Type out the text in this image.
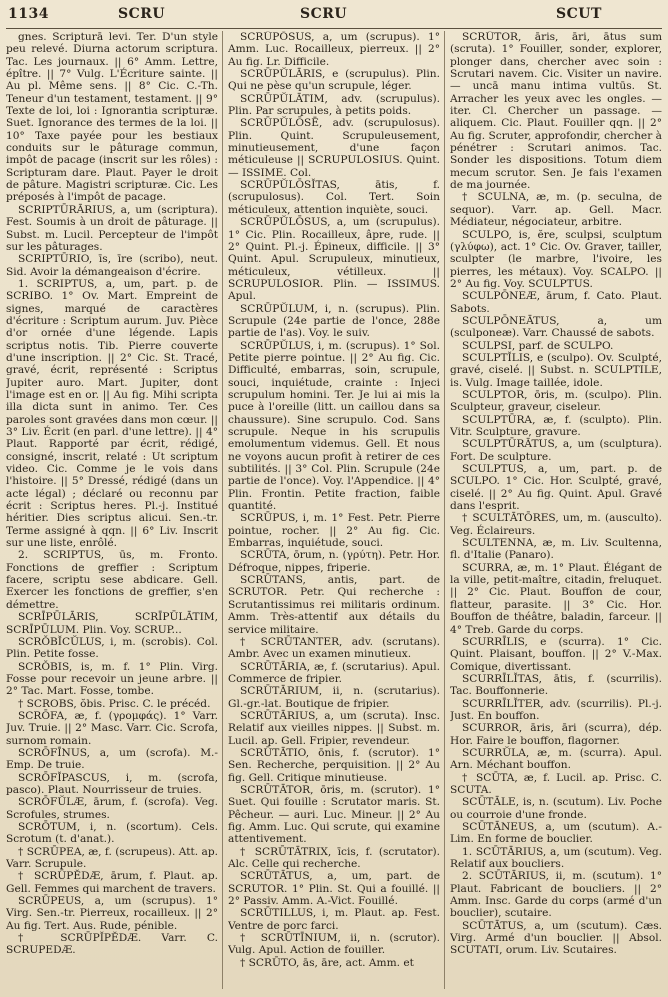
1134	SCRU	SCRU	SCUT

gnes. Scripturā levi. Ter. D'un style peu relevé. Diurna actorum scriptura. Tac. Les journaux. || 6° Amm. Lettre, épître. || 7° Vulg. L'Écriture sainte. || Au pl. Même sens. || 8° Cic. C.-Th. Teneur d'un testament, testament. || 9° Texte de loi, loi : Ignorantia scripturæ. Suet. Ignorance des termes de la loi. || 10° Taxe payée pour les bestiaux conduits sur le pâturage commun, impôt de pacage (inscrit sur les rôles) : Scripturam dare. Plaut. Payer le droit de pâture. Magistri scripturæ. Cic. Les préposés à l'impôt de pacage.

SCRIPTŪRĀRIUS, a, um (scriptura). Fest. Soumis à un droit de pâturage. || Subst. m. Lucil. Percepteur de l'impôt sur les pâturages.

SCRIPTŪRIO, īs, īre (scribo), neut. Sid. Avoir la démangeaison d'écrire.

1. SCRIPTUS, a, um, part. p. de SCRIBO. 1° Ov. Mart. Empreint de signes, marqué de caractères d'écriture : Scriptum aurum. Juv. Pièce d'or ornée d'une légende. Lapis scriptus notis. Tib. Pierre couverte d'une inscription. || 2° Cic. St. Tracé, gravé, écrit, représenté : Scriptus Jupiter auro. Mart. Jupiter, dont l'image est en or. || Au fig. Mihi scripta illa dicta sunt in animo. Ter. Ces paroles sont gravées dans mon cœur. || 3° Liv. Écrit (en parl. d'une lettre). || 4° Plaut. Rapporté par écrit, rédigé, consigné, inscrit, relaté : Ut scriptum video. Cic. Comme je le vois dans l'histoire. || 5° Dressé, rédigé (dans un acte légal) ; déclaré ou reconnu par écrit : Scriptus heres. Pl.-j. Institué héritier. Dies scriptus alicui. Sen.-tr. Terme assigné à qqn. || 6° Liv. Inscrit sur une liste, enrôlé.

2. SCRIPTUS, ūs, m. Fronto. Fonctions de greffier : Scriptum facere, scriptu sese abdicare. Gell. Exercer les fonctions de greffier, s'en démettre.

SCRĪPŪLĀRIS, SCRĪPŪLĀTIM, SCRĪPŪLUM. Plin. Voy. SCRUP...

SCRŎBĬCŬLUS, i, m. (scrobis). Col. Plin. Petite fosse.

SCRŎBIS, is, m. f. 1° Plin. Virg. Fosse pour recevoir un jeune arbre. || 2° Tac. Mart. Fosse, tombe.

† SCROBS, ŏbis. Prisc. C. le précéd.

SCRŌFA, æ, f. (γρομφάς). 1° Varr. Juv. Truie. || 2° Masc. Varr. Cic. Scrofa, surnom romain.

SCRŌFĪNUS, a, um (scrofa). M.-Emp. De truie.

SCRŌFĬPASCUS, i, m. (scrofa, pasco). Plaut. Nourrisseur de truies.

SCRŌFŬLÆ, ārum, f. (scrofa). Veg. Scrofules, strumes.

SCRŌTUM, i, n. (scortum). Cels. Scrotum (t. d'anat.).

† SCRŪPEA, æ, f. (scrupeus). Att. ap. Varr. Scrupule.

† SCRŪPĔDÆ, ārum, f. Plaut. ap. Gell. Femmes qui marchent de travers.

SCRŪPEUS, a, um (scrupus). 1° Virg. Sen.-tr. Pierreux, rocailleux. || 2° Au fig. Tert. Aus. Rude, pénible.

† SCRŪPĬPĔDÆ. Varr. C. SCRUPEDÆ.

SCRŪPŌSUS, a, um (scrupus). 1° Amm. Luc. Rocailleux, pierreux. || 2° Au fig. Lr. Difficile.

SCRŪPŬLĀRIS, e (scrupulus). Plin. Qui ne pèse qu'un scrupule, léger.

SCRŪPŬLĀTIM, adv. (scrupulus). Plin. Par scrupules, à petits poids.

SCRŪPŬLŌSĒ, adv. (scrupulosus). Plin. Quint. Scrupuleusement, minutieusement, d'une façon méticuleuse || SCRUPULOSIUS. Quint. — ISSIME. Col.

SCRŪPŬLŌSĬTAS, ātis, f. (scrupulosus). Col. Tert. Soin méticuleux, attention inquiète, souci.

SCRŪPŬLŌSUS, a, um (scrupulus). 1° Cic. Plin. Rocailleux, âpre, rude. || 2° Quint. Pl.-j. Épineux, difficile. || 3° Quint. Apul. Scrupuleux, minutieux, méticuleux, vétilleux. || SCRUPULOSIOR. Plin. — ISSIMUS. Apul.

SCRŪPŬLUM, i, n. (scrupus). Plin. Scrupule (24e partie de l'once, 288e partie de l'as). Voy. le suiv.

SCRŪPŬLUS, i, m. (scrupus). 1° Sol. Petite pierre pointue. || 2° Au fig. Cic. Difficulté, embarras, soin, scrupule, souci, inquiétude, crainte : Injeci scrupulum homini. Ter. Je lui ai mis la puce à l'oreille (litt. un caillou dans sa chaussure). Sine scrupulo. Cod. Sans scrupule. Neque in his scrupulis emolumentum videmus. Gell. Et nous ne voyons aucun profit à retirer de ces subtilités. || 3° Col. Plin. Scrupule (24e partie de l'once). Voy. l'Appendice. || 4° Plin. Frontin. Petite fraction, faible quantité.

SCRŪPUS, i, m. 1° Fest. Petr. Pierre pointue, rocher. || 2° Au fig. Cic. Embarras, inquiétude, souci.

SCRŪTA, ōrum, n. (γρύτη). Petr. Hor. Défroque, nippes, friperie.

SCRŪTANS, antis, part. de SCRUTOR. Petr. Qui recherche : Scrutantissimus rei militaris ordinum. Amm. Très-attentif aux détails du service militaire.

† SCRŪTANTER, adv. (scrutans). Ambr. Avec un examen minutieux.

SCRŪTĀRIA, æ, f. (scrutarius). Apul. Commerce de fripier.

SCRŪTĀRIUM, ii, n. (scrutarius). Gl.-gr.-lat. Boutique de fripier.

SCRŪTĀRIUS, a, um (scruta). Insc. Relatif aux vieilles nippes. || Subst. m. Lucil. ap. Gell. Fripier, revendeur.

SCRŪTĀTIO, ōnis, f. (scrutor). 1° Sen. Recherche, perquisition. || 2° Au fig. Gell. Critique minutieuse.

SCRŪTĀTOR, ōris, m. (scrutor). 1° Suet. Qui fouille : Scrutator maris. St. Pêcheur. — auri. Luc. Mineur. || 2° Au fig. Amm. Luc. Qui scrute, qui examine attentivement.

† SCRŪTĀTRIX, īcis, f. (scrutator). Alc. Celle qui recherche.

SCRŪTĀTUS, a, um, part. de SCRUTOR. 1° Plin. St. Qui a fouillé. || 2° Passiv. Amm. A.-Vict. Fouillé.

SCRŪTILLUS, i, m. Plaut. ap. Fest. Ventre de porc farci.

† SCRŪTĪNIUM, ii, n. (scrutor). Vulg. Apul. Action de fouiller.

† SCRŪTO, ās, āre, act. Amm. et

SCRŪTOR, āris, āri, ātus sum (scruta). 1° Fouiller, sonder, explorer, plonger dans, chercher avec soin : Scrutari navem. Cic. Visiter un navire. — uncā manu intima vultūs. St. Arracher les yeux avec les ongles. — iter. Cl. Chercher un passage. — aliquem. Cic. Plaut. Fouiller qqn. || 2° Au fig. Scruter, approfondir, chercher à pénétrer : Scrutari animos. Tac. Sonder les dispositions. Totum diem mecum scrutor. Sen. Je fais l'examen de ma journée.

† SCULNA, æ, m. (p. seculna, de sequor). Varr. ap. Gell. Macr. Médiateur, négociateur, arbitre.

SCULPO, is, ĕre, sculpsi, sculptum (γλύφω), act. 1° Cic. Ov. Graver, tailler, sculpter (le marbre, l'ivoire, les pierres, les métaux). Voy. SCALPO. || 2° Au fig. Voy. SCULPTUS.

SCULPŌNEÆ, ārum, f. Cato. Plaut. Sabots.

SCULPŌNEĀTUS, a, um (sculponeæ). Varr. Chaussé de sabots.

SCULPSI, parf. de SCULPO.

SCULPTĬLIS, e (sculpo). Ov. Sculpté, gravé, ciselé. || Subst. n. SCULPTILE, is. Vulg. Image taillée, idole.

SCULPTOR, ōris, m. (sculpo). Plin. Sculpteur, graveur, ciseleur.

SCULPTŪRA, æ, f. (sculpto). Plin. Vitr. Sculpture, gravure.

SCULPTŪRĀTUS, a, um (sculptura). Fort. De sculpture.

SCULPTUS, a, um, part. p. de SCULPO. 1° Cic. Hor. Sculpté, gravé, ciselé. || 2° Au fig. Quint. Apul. Gravé dans l'esprit.

† SCULTĀTŌRES, um, m. (ausculto). Veg. Éclaireurs.

SCULTENNA, æ, m. Liv. Scultenna, fl. d'Italie (Panaro).

SCURRA, æ, m. 1° Plaut. Élégant de la ville, petit-maître, citadin, freluquet. || 2° Cic. Plaut. Bouffon de cour, flatteur, parasite. || 3° Cic. Hor. Bouffon de théâtre, baladin, farceur. || 4° Treb. Garde du corps.

SCURRĪLIS, e (scurra). 1° Cic. Quint. Plaisant, bouffon. || 2° V.-Max. Comique, divertissant.

SCURRĪLĬTAS, ātis, f. (scurrilis). Tac. Bouffonnerie.

SCURRĪLĬTER, adv. (scurrilis). Pl.-j. Just. En bouffon.

SCURROR, āris, āri (scurra), dép. Hor. Faire le bouffon, flagorner.

SCURRŬLA, æ, m. (scurra). Apul. Arn. Méchant bouffon.

† SCŪTA, æ, f. Lucil. ap. Prisc. C. SCUTA.

SCŪTĀLE, is, n. (scutum). Liv. Poche ou courroie d'une fronde.

SCŪTĀNEUS, a, um (scutum). A.-Lim. En forme de bouclier.

1. SCŪTĀRIUS, a, um (scutum). Veg. Relatif aux boucliers.

2. SCŪTĀRIUS, ii, m. (scutum). 1° Plaut. Fabricant de boucliers. || 2° Amm. Insc. Garde du corps (armé d'un bouclier), scutaire.

SCŪTĀTUS, a, um (scutum). Cæs. Virg. Armé d'un bouclier. || Absol. SCUTATI, orum. Liv. Scutaires.
